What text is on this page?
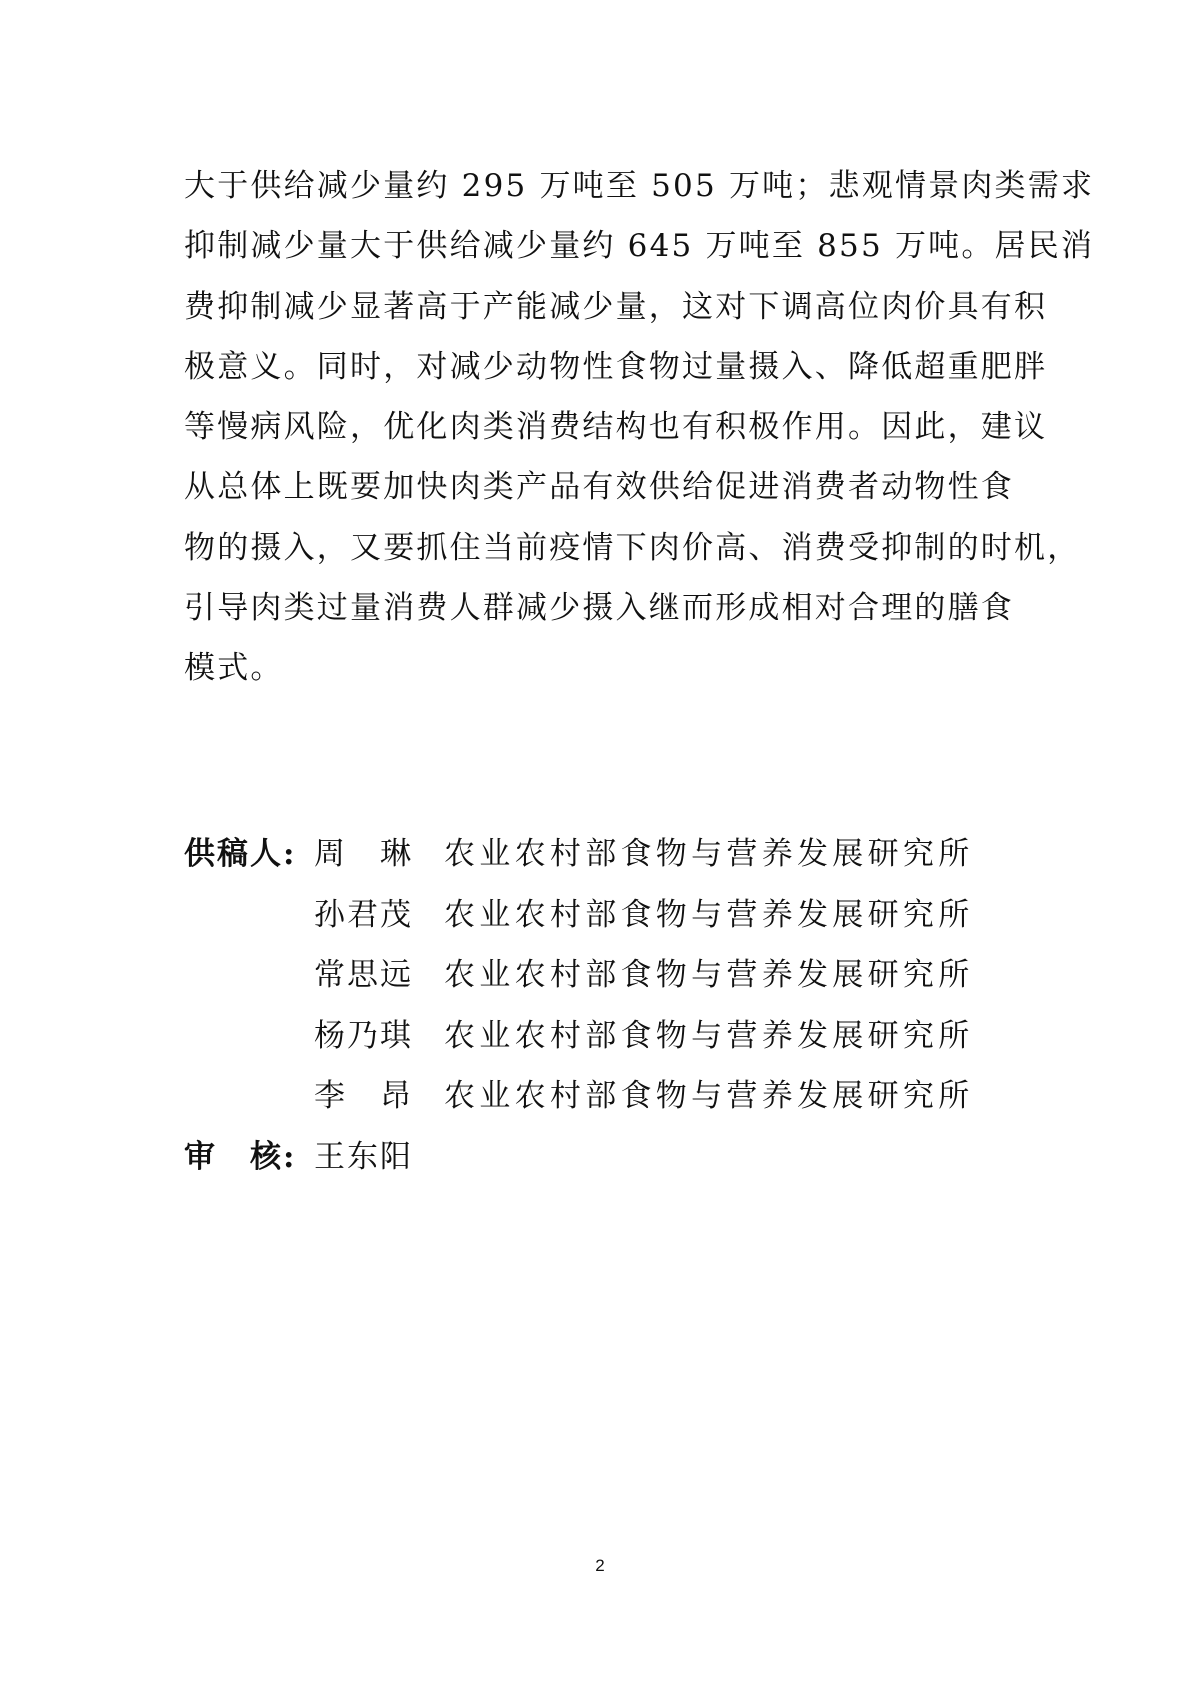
大于供给减少量约 295 万吨至 505 万吨；悲观情景肉类需求
抑制减少量大于供给减少量约 645 万吨至 855 万吨。居民消
费抑制减少显著高于产能减少量，这对下调高位肉价具有积
极意义。同时，对减少动物性食物过量摄入、降低超重肥胖
等慢病风险，优化肉类消费结构也有积极作用。因此，建议
从总体上既要加快肉类产品有效供给促进消费者动物性食
物的摄入，又要抓住当前疫情下肉价高、消费受抑制的时机，
引导肉类过量消费人群减少摄入继而形成相对合理的膳食
模式。
供稿人: 周　琳	农业农村部食物与营养发展研究所
孙君茂	农业农村部食物与营养发展研究所
常思远	农业农村部食物与营养发展研究所
杨乃琪	农业农村部食物与营养发展研究所
李　昂	农业农村部食物与营养发展研究所
审　核: 王东阳
2
